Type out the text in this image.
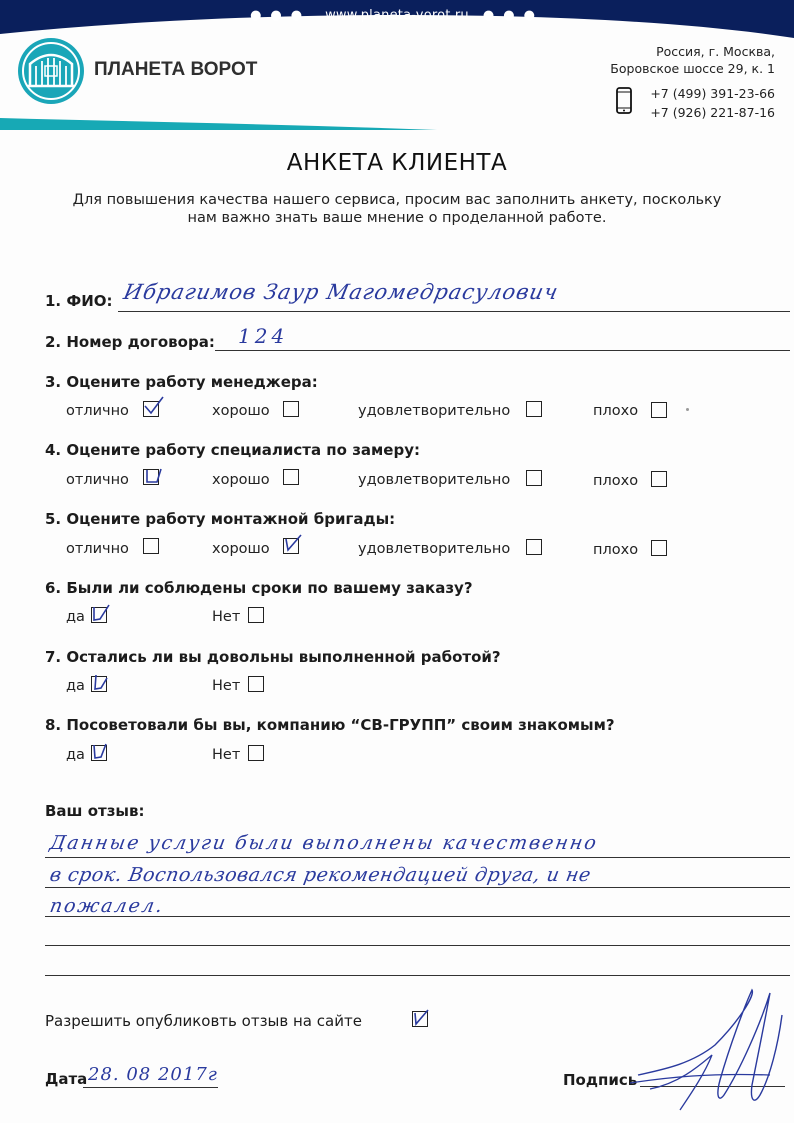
●●● www.planeta-vorot.ru ●●●
ПЛАНЕТА ВОРОТ
Россия, г. Москва,
Боровское шоссе 29, к. 1
+7 (499) 391-23-66
+7 (926) 221-87-16
АНКЕТА КЛИЕНТА
Для повышения качества нашего сервиса, просим вас заполнить анкету, поскольку
нам важно знать ваше мнение о проделанной работе.
1. ФИО: Ибрагимов Заур Магомедрасулович
2. Номер договора: 124
3. Оцените работу менеджера:
отлично	хорошо	удовлетворительно	плохо
4. Оцените работу специалиста по замеру:
отлично	хорошо	удовлетворительно	плохо
5. Оцените работу монтажной бригады:
отлично	хорошо	удовлетворительно	плохо
6. Были ли соблюдены сроки по вашему заказу?
да	Нет
7. Остались ли вы довольны выполненной работой?
да	Нет
8. Посоветовали бы вы, компанию “СВ-ГРУПП” своим знакомым?
да	Нет
Ваш отзыв:
Данные услуги были выполнены качественно
в срок. Воспользовался рекомендацией друга, и не
пожалел.
Разрешить опубликовть отзыв на сайте
Дата 28. 08 2017г	Подпись
